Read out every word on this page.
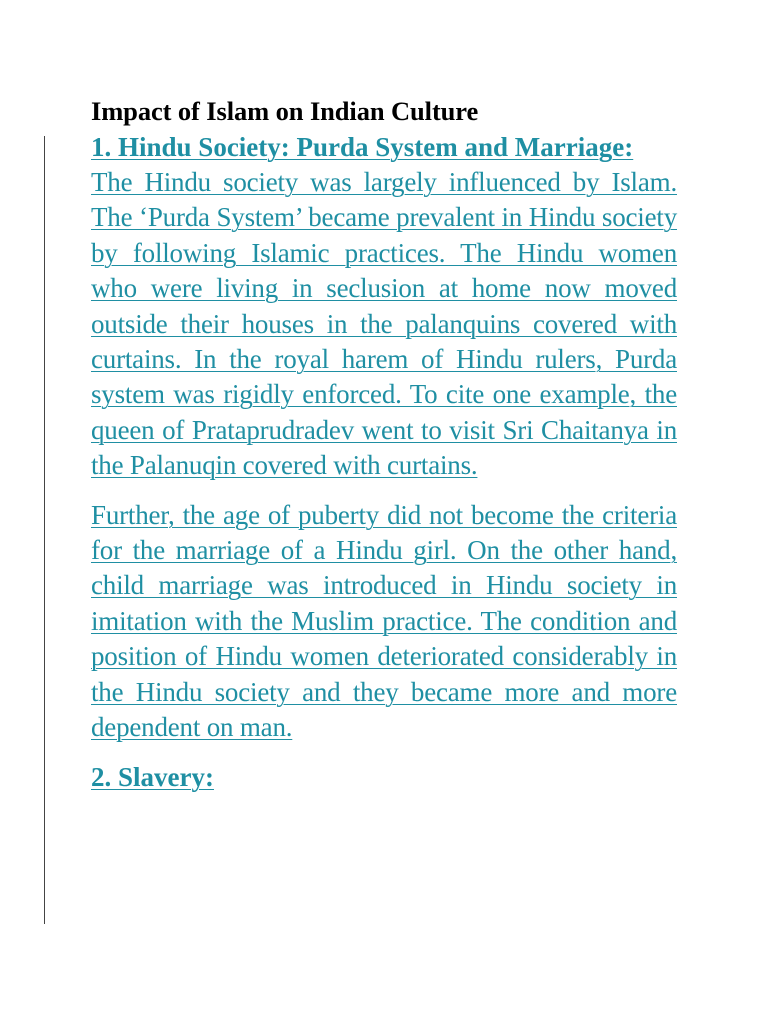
Impact of Islam on Indian Culture
1. Hindu Society: Purda System and Marriage:

The Hindu society was largely influenced by Islam. The ‘Purda System’ became prevalent in Hindu society by following Islamic practices. The Hindu women who were living in seclusion at home now moved outside their houses in the palanquins covered with curtains. In the royal harem of Hindu rulers, Purda system was rigidly enforced. To cite one example, the queen of Prataprudradev went to visit Sri Chaitanya in the Palanuqin covered with curtains.

Further, the age of puberty did not become the criteria for the marriage of a Hindu girl. On the other hand, child marriage was introduced in Hindu society in imitation with the Muslim practice. The condition and position of Hindu women deteriorated considerably in the Hindu society and they became more and more dependent on man.

2. Slavery:
